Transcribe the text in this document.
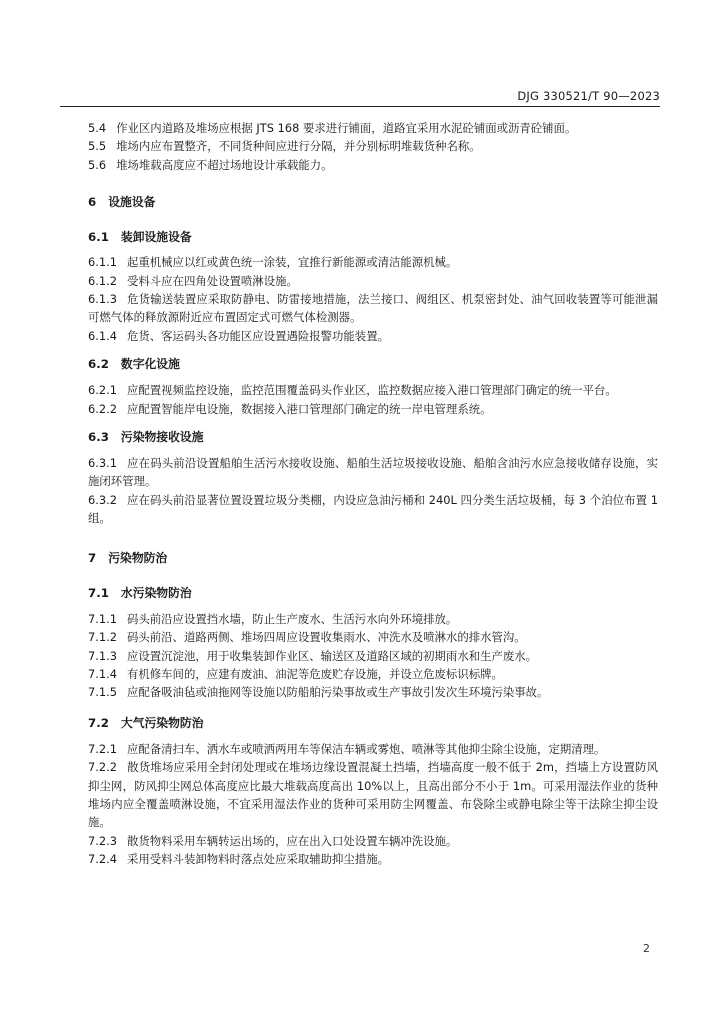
DJG 330521/T 90—2023
5.4 作业区内道路及堆场应根据 JTS 168 要求进行铺面，道路宜采用水泥砼铺面或沥青砼铺面。
5.5 堆场内应布置整齐，不同货种间应进行分隔，并分别标明堆载货种名称。
5.6 堆场堆载高度应不超过场地设计承载能力。
6 设施设备
6.1 装卸设施设备
6.1.1 起重机械应以红或黄色统一涂装，宜推行新能源或清洁能源机械。
6.1.2 受料斗应在四角处设置喷淋设施。
6.1.3 危货输送装置应采取防静电、防雷接地措施，法兰接口、阀组区、机泵密封处、油气回收装置等可能泄漏可燃气体的释放源附近应布置固定式可燃气体检测器。
6.1.4 危货、客运码头各功能区应设置遇险报警功能装置。
6.2 数字化设施
6.2.1 应配置视频监控设施，监控范围覆盖码头作业区，监控数据应接入港口管理部门确定的统一平台。
6.2.2 应配置智能岸电设施，数据接入港口管理部门确定的统一岸电管理系统。
6.3 污染物接收设施
6.3.1 应在码头前沿设置船舶生活污水接收设施、船舶生活垃圾接收设施、船舶含油污水应急接收储存设施，实施闭环管理。
6.3.2 应在码头前沿显著位置设置垃圾分类棚，内设应急油污桶和 240L 四分类生活垃圾桶，每 3 个泊位布置 1 组。
7 污染物防治
7.1 水污染物防治
7.1.1 码头前沿应设置挡水墙，防止生产废水、生活污水向外环境排放。
7.1.2 码头前沿、道路两侧、堆场四周应设置收集雨水、冲洗水及喷淋水的排水管沟。
7.1.3 应设置沉淀池，用于收集装卸作业区、输送区及道路区域的初期雨水和生产废水。
7.1.4 有机修车间的，应建有废油、油泥等危废贮存设施，并设立危废标识标牌。
7.1.5 应配备吸油毡或油拖网等设施以防船舶污染事故或生产事故引发次生环境污染事故。
7.2 大气污染物防治
7.2.1 应配备清扫车、洒水车或喷洒两用车等保洁车辆或雾炮、喷淋等其他抑尘除尘设施，定期清理。
7.2.2 散货堆场应采用全封闭处理或在堆场边缘设置混凝土挡墙，挡墙高度一般不低于 2m，挡墙上方设置防风抑尘网，防风抑尘网总体高度应比最大堆载高度高出 10%以上，且高出部分不小于 1m。可采用湿法作业的货种堆场内应全覆盖喷淋设施，不宜采用湿法作业的货种可采用防尘网覆盖、布袋除尘或静电除尘等干法除尘抑尘设施。
7.2.3 散货物料采用车辆转运出场的，应在出入口处设置车辆冲洗设施。
7.2.4 采用受料斗装卸物料时落点处应采取辅助抑尘措施。
2
